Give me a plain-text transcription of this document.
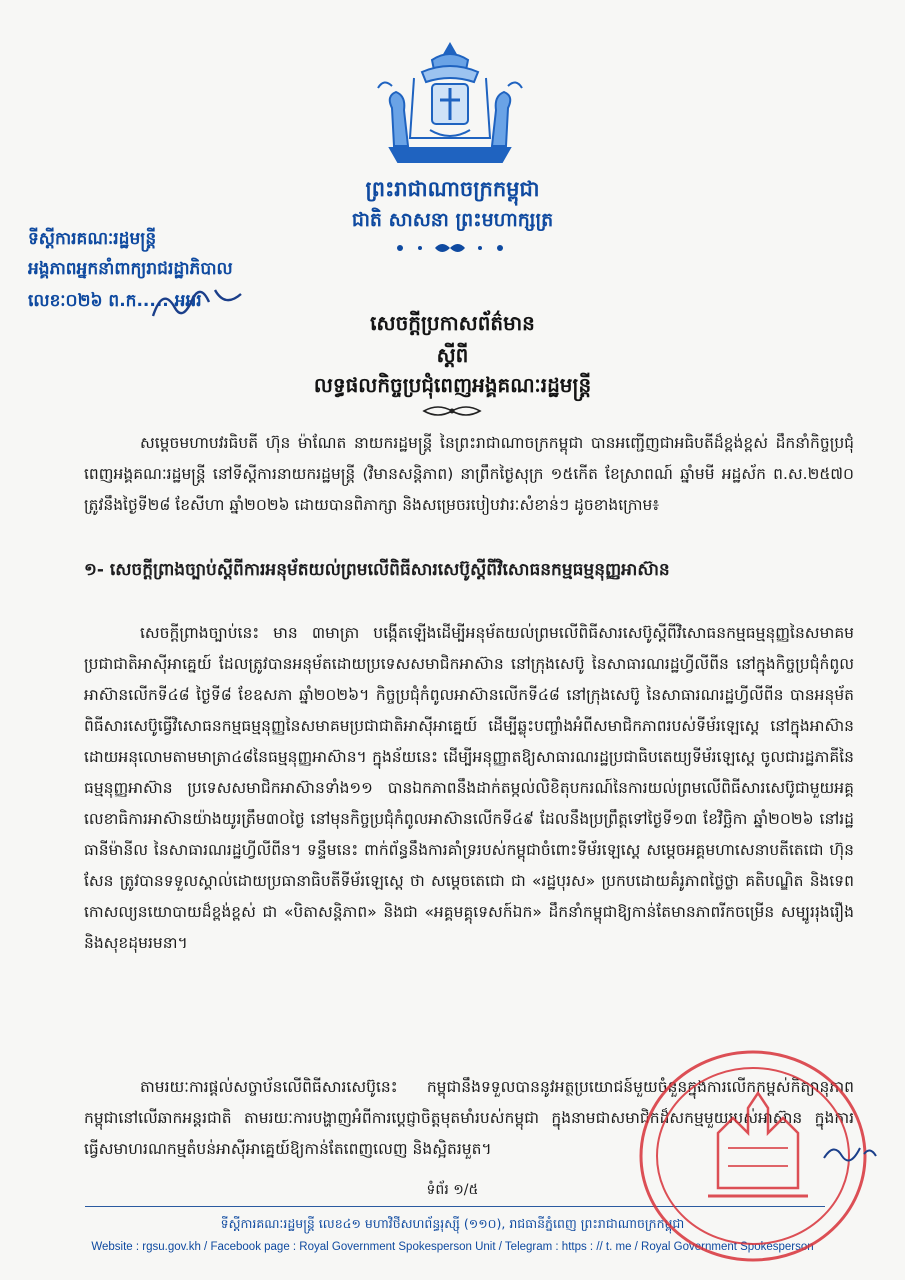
ព្រះរាជាណាចក្រកម្ពុជា
ជាតិ សាសនា ព្រះមហាក្សត្រ
ទីស្តីការគណៈរដ្ឋមន្ត្រី
អង្គភាពអ្នកនាំពាក្យរាជរដ្ឋាភិបាល
លេខៈ០២៦ ព.ក..... អអរ
សេចក្តីប្រកាសព័ត៌មាន
ស្តីពី
លទ្ធផលកិច្ចប្រជុំពេញអង្គគណៈរដ្ឋមន្ត្រី

សម្តេចមហាបវរធិបតី ហ៊ុន ម៉ាណែត នាយករដ្ឋមន្ត្រី នៃព្រះរាជាណាចក្រកម្ពុជា បានអញ្ជើញជាអធិបតីដ៏ខ្ពង់ខ្ពស់ ដឹកនាំកិច្ចប្រជុំពេញអង្គគណៈរដ្ឋមន្ត្រី នៅទីស្តីការនាយករដ្ឋមន្ត្រី (វិមានសន្តិភាព) នាព្រឹកថ្ងៃសុក្រ ១៥កើត ខែស្រាពណ៍ ឆ្នាំមមី អដ្ឋស័ក ព.ស.២៥៧០ ត្រូវនឹងថ្ងៃទី២៨ ខែសីហា ឆ្នាំ២០២៦ ដោយបានពិភាក្សា និងសម្រេចរបៀបវារៈសំខាន់ៗ ដូចខាងក្រោម៖

១- សេចក្តីព្រាងច្បាប់ស្តីពីការអនុម័តយល់ព្រមលើពិធីសារសេប៊ូស្តីពីវិសោធនកម្មធម្មនុញ្ញអាស៊ាន

សេចក្តីព្រាងច្បាប់នេះ មាន ៣មាត្រា បង្កើតឡើងដើម្បីអនុម័តយល់ព្រមលើពិធីសារសេប៊ូស្តីពីវិសោធនកម្មធម្មនុញ្ញនៃសមាគមប្រជាជាតិអាស៊ីអាគ្នេយ៍ ដែលត្រូវបានអនុម័តដោយប្រទេសសមាជិកអាស៊ាន នៅក្រុងសេប៊ូ នៃសាធារណរដ្ឋហ្វីលីពីន នៅក្នុងកិច្ចប្រជុំកំពូលអាស៊ានលើកទី៤៨ ថ្ងៃទី៨ ខែឧសភា ឆ្នាំ២០២៦។ កិច្ចប្រជុំកំពូលអាស៊ានលើកទី៤៨ នៅក្រុងសេប៊ូ នៃសាធារណរដ្ឋហ្វីលីពីន បានអនុម័តពិធីសារសេប៊ូធ្វើវិសោធនកម្មធម្មនុញ្ញនៃសមាគមប្រជាជាតិអាស៊ីអាគ្នេយ៍ ដើម្បីឆ្លុះបញ្ចាំងអំពីសមាជិកភាពរបស់ទីម័រឡេស្តេ នៅក្នុងអាស៊ាន ដោយអនុលោមតាមមាត្រា៤៨នៃធម្មនុញ្ញអាស៊ាន។ ក្នុងន័យនេះ ដើម្បីអនុញ្ញាតឱ្យសាធារណរដ្ឋប្រជាធិបតេយ្យទីម័រឡេស្តេ ចូលជារដ្ឋភាគីនៃធម្មនុញ្ញអាស៊ាន ប្រទេសសមាជិកអាស៊ានទាំង១១ បានឯកភាពនឹងដាក់តម្កល់លិខិតុបករណ៍នៃការយល់ព្រមលើពិធីសារសេប៊ូជាមួយអគ្គលេខាធិការអាស៊ានយ៉ាងយូរត្រឹម៣០ថ្ងៃ នៅមុនកិច្ចប្រជុំកំពូលអាស៊ានលើកទី៤៩ ដែលនឹងប្រព្រឹត្តទៅថ្ងៃទី១៣ ខែវិច្ឆិកា ឆ្នាំ២០២៦ នៅរដ្ឋធានីម៉ានីល នៃសាធារណរដ្ឋហ្វីលីពីន។ ទន្ទឹមនេះ ពាក់ព័ន្ធនឹងការគាំទ្ររបស់កម្ពុជាចំពោះទីម័រឡេស្តេ សម្តេចអគ្គមហាសេនាបតីតេជោ ហ៊ុន សែន ត្រូវបានទទួលស្គាល់ដោយប្រធានាធិបតីទីម័រឡេស្តេ ថា សម្តេចតេជោ ជា «រដ្ឋបុរស» ប្រកបដោយគំរូភាពថ្លៃថ្លា គតិបណ្ឌិត និងទេពកោសល្យនយោបាយដ៏ខ្ពង់ខ្ពស់ ជា «បិតាសន្តិភាព» និងជា «អគ្គមគ្គុទេសក៍ឯក» ដឹកនាំកម្ពុជាឱ្យកាន់តែមានភាពរីកចម្រើន សម្បូររុងរឿង និងសុខដុមរមនា។

តាមរយៈការផ្តល់សច្ចាប័នលើពិធីសារសេប៊ូនេះ កម្ពុជានឹងទទួលបាននូវអត្ថប្រយោជន៍មួយចំនួនក្នុងការលើកកម្ពស់កិត្យានុភាពកម្ពុជានៅលើឆាកអន្តរជាតិ តាមរយៈការបង្ហាញអំពីការប្តេជ្ញាចិត្តមុតមាំរបស់កម្ពុជា ក្នុងនាមជាសមាជិកដ៏សកម្មមួយរបស់អាស៊ាន ក្នុងការធ្វើសមាហរណកម្មតំបន់អាស៊ីអាគ្នេយ៍ឱ្យកាន់តែពេញលេញ និងស្អិតរមួត។

ទំព័រ ១/៥
ទីស្តីការគណៈរដ្ឋមន្ត្រី លេខ៤១ មហាវិថីសហព័ន្ធរុស្ស៊ី (១១០), រាជធានីភ្នំពេញ ព្រះរាជាណាចក្រកម្ពុជា
Website : rgsu.gov.kh / Facebook page : Royal Government Spokesperson Unit / Telegram : https : // t. me / Royal Government Spokesperson
